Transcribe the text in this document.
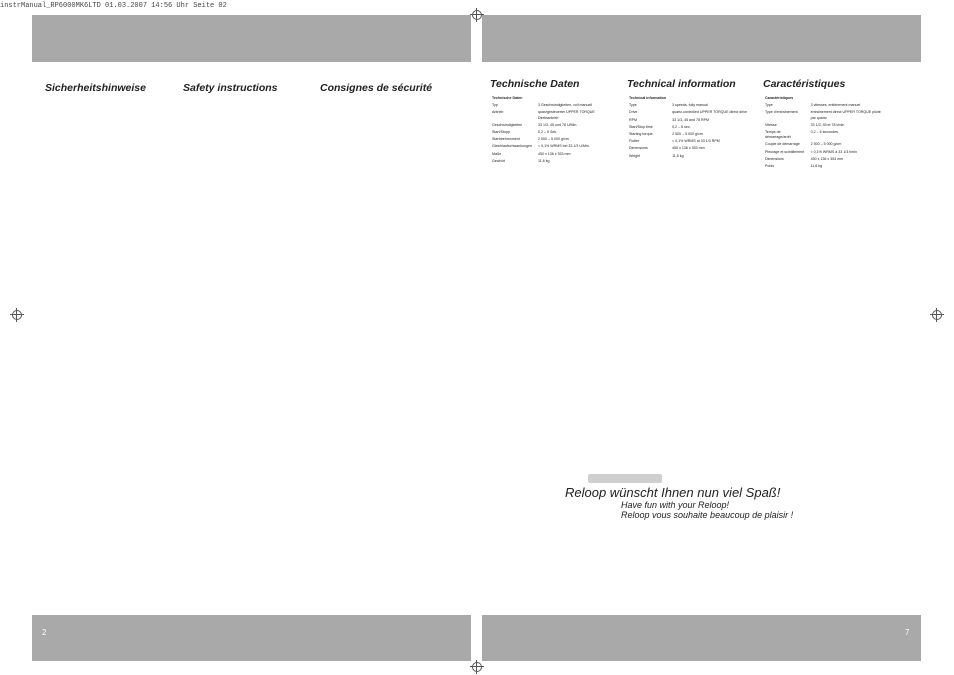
instrManual_RP6000MK6LTD 01.03.2007 14:56 Uhr Seite 02
2	7

Sicherheitshinweise	Safety instructions	Consignes de sécurité	Technische Daten

Technische Daten	
Typ	3 Geschwindigkeiten, voll manuell
Antrieb	quarzgesteuerter UPPER TORQUE Direktantrieb
Geschwindigkeiten	33 1/3, 45 und 78 U/Min.
Start/Stopp	0,2 – 6 Sek.
Startdrehmoment	2 500 – 5 000 g/cm
Gleichlaufschwankungen	< 0,1% WRMS bei 33 1/3 U/Min.
Maße	450 x 136 x 353 mm
Gewicht	11,6 kg

Technical information

Technical information	
Type	3 speeds, fully manual
Drive	quartz-controlled UPPER TORQUE direct drive
RPM	33 1/3, 45 and 78 RPM
Start/Stop time	0,2 – 6 sec.
Starting torque	2 500 – 5 000 g/cm
Flutter	< 0,1% WRMS at 33 1/3 RPM
Dimensions	450 x 136 x 353 mm
Weight	11,6 kg

Caractéristiques

Caractéristiques	
Type	3 vitesses, entièrement manuel
Type d'entraînement	entraînement direct UPPER TORQUE piloté par quartz
Vitesse	33 1/3, 45 et 78 t/min
Temps de démarrage/arrêt	0,2 – 6 secondes
Couple de démarrage	2 500 – 5 000 g/cm
Pleurage et scintillement	< 0,1% WRMS à 33 1/3 t/min
Dimensions	450 x 136 x 353 mm
Poids	11,6 kg
Reloop wünscht Ihnen nun viel Spaß!
Have fun with your Reloop!
Reloop vous souhaite beaucoup de plaisir !
